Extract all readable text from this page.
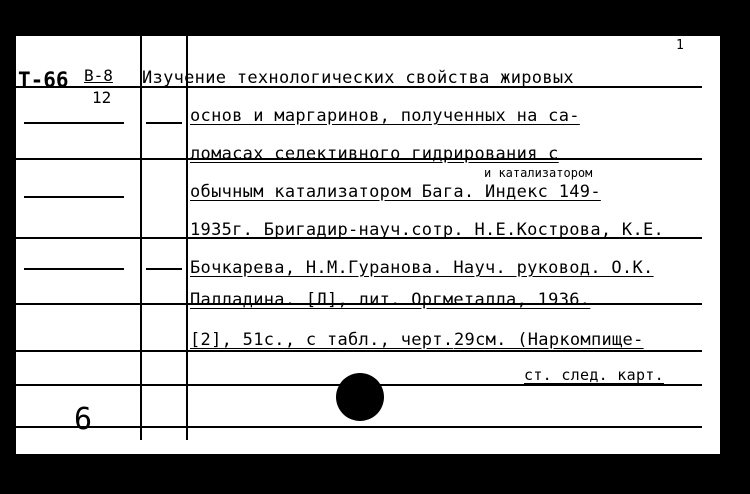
1
Т-66 В-8
12
Изучение технологических свойства жировых
основ и маргаринов, полученных на са-
ломасах селективного гидрирования с
и катализатором
обычным катализатором Бага. Индекс 149-
1935г. Бригадир-науч.сотр. Н.Е.Кострова, К.Е.
Бочкарева, Н.М.Гуранова. Науч. руковод. О.К.
Палладина. [Л], лит. Оргметалла, 1936.
[2], 51с., с табл., черт. 29см. (Наркомпище-
ст. след. карт.
6
